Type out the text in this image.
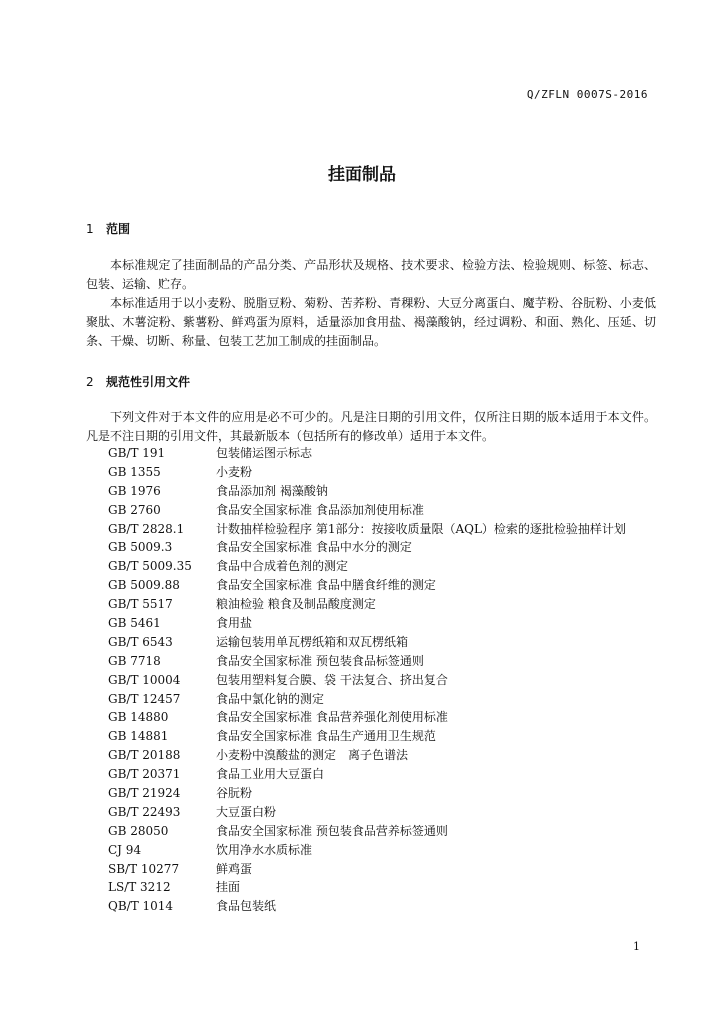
Q/ZFLN 0007S-2016
挂面制品
1 范围

本标准规定了挂面制品的产品分类、产品形状及规格、技术要求、检验方法、检验规则、标签、标志、包装、运输、贮存。

本标准适用于以小麦粉、脱脂豆粉、菊粉、苦荞粉、青稞粉、大豆分离蛋白、魔芋粉、谷朊粉、小麦低聚肽、木薯淀粉、紫薯粉、鲜鸡蛋为原料，适量添加食用盐、褐藻酸钠，经过调粉、和面、熟化、压延、切条、干燥、切断、称量、包装工艺加工制成的挂面制品。

2 规范性引用文件

下列文件对于本文件的应用是必不可少的。凡是注日期的引用文件，仅所注日期的版本适用于本文件。凡是不注日期的引用文件，其最新版本（包括所有的修改单）适用于本文件。

GB/T 191	包装储运图示标志
GB 1355	小麦粉
GB 1976	食品添加剂 褐藻酸钠
GB 2760	食品安全国家标准 食品添加剂使用标准
GB/T 2828.1	计数抽样检验程序 第1部分：按接收质量限（AQL）检索的逐批检验抽样计划
GB 5009.3	食品安全国家标准 食品中水分的测定
GB/T 5009.35 食品中合成着色剂的测定
GB 5009.88	食品安全国家标准 食品中膳食纤维的测定
GB/T 5517	粮油检验 粮食及制品酸度测定
GB 5461	食用盐
GB/T 6543	运输包装用单瓦楞纸箱和双瓦楞纸箱
GB 7718	食品安全国家标准 预包装食品标签通则
GB/T 10004	包装用塑料复合膜、袋 干法复合、挤出复合
GB/T 12457	食品中氯化钠的测定
GB 14880	食品安全国家标准 食品营养强化剂使用标准
GB 14881	食品安全国家标准 食品生产通用卫生规范
GB/T 20188	小麦粉中溴酸盐的测定　离子色谱法
GB/T 20371	食品工业用大豆蛋白
GB/T 21924	谷朊粉
GB/T 22493	大豆蛋白粉
GB 28050	食品安全国家标准 预包装食品营养标签通则
CJ 94	饮用净水水质标准
SB/T 10277	鲜鸡蛋
LS/T 3212	挂面
QB/T 1014	食品包装纸
1
